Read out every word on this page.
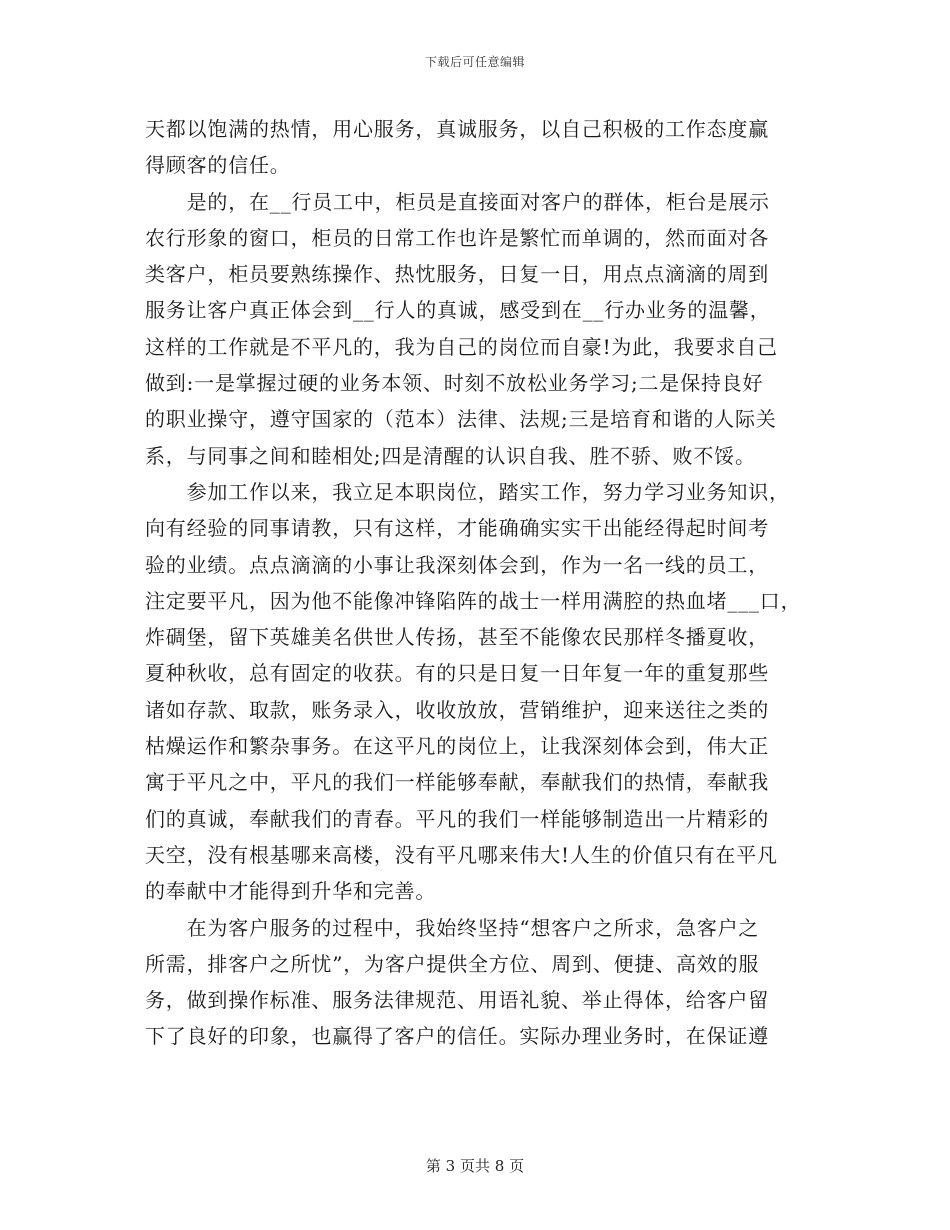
下载后可任意编辑
天都以饱满的热情，用心服务，真诚服务，以自己积极的工作态度赢
得顾客的信任。
　　是的，在__行员工中，柜员是直接面对客户的群体，柜台是展示
农行形象的窗口，柜员的日常工作也许是繁忙而单调的，然而面对各
类客户，柜员要熟练操作、热忱服务，日复一日，用点点滴滴的周到
服务让客户真正体会到__行人的真诚，感受到在__行办业务的温馨，
这样的工作就是不平凡的，我为自己的岗位而自豪!为此，我要求自己
做到:一是掌握过硬的业务本领、时刻不放松业务学习;二是保持良好
的职业操守，遵守国家的（范本）法律、法规;三是培育和谐的人际关
系，与同事之间和睦相处;四是清醒的认识自我、胜不骄、败不馁。
　　参加工作以来，我立足本职岗位，踏实工作，努力学习业务知识，
向有经验的同事请教，只有这样，才能确确实实干出能经得起时间考
验的业绩。点点滴滴的小事让我深刻体会到，作为一名一线的员工，
注定要平凡，因为他不能像冲锋陷阵的战士一样用满腔的热血堵___口，
炸碉堡，留下英雄美名供世人传扬，甚至不能像农民那样冬播夏收，
夏种秋收，总有固定的收获。有的只是日复一日年复一年的重复那些
诸如存款、取款，账务录入，收收放放，营销维护，迎来送往之类的
枯燥运作和繁杂事务。在这平凡的岗位上，让我深刻体会到，伟大正
寓于平凡之中，平凡的我们一样能够奉献，奉献我们的热情，奉献我
们的真诚，奉献我们的青春。平凡的我们一样能够制造出一片精彩的
天空，没有根基哪来高楼，没有平凡哪来伟大!人生的价值只有在平凡
的奉献中才能得到升华和完善。
　　在为客户服务的过程中，我始终坚持“想客户之所求，急客户之
所需，排客户之所忧”，为客户提供全方位、周到、便捷、高效的服
务，做到操作标准、服务法律规范、用语礼貌、举止得体，给客户留
下了良好的印象，也赢得了客户的信任。实际办理业务时，在保证遵
第 3 页共 8 页
